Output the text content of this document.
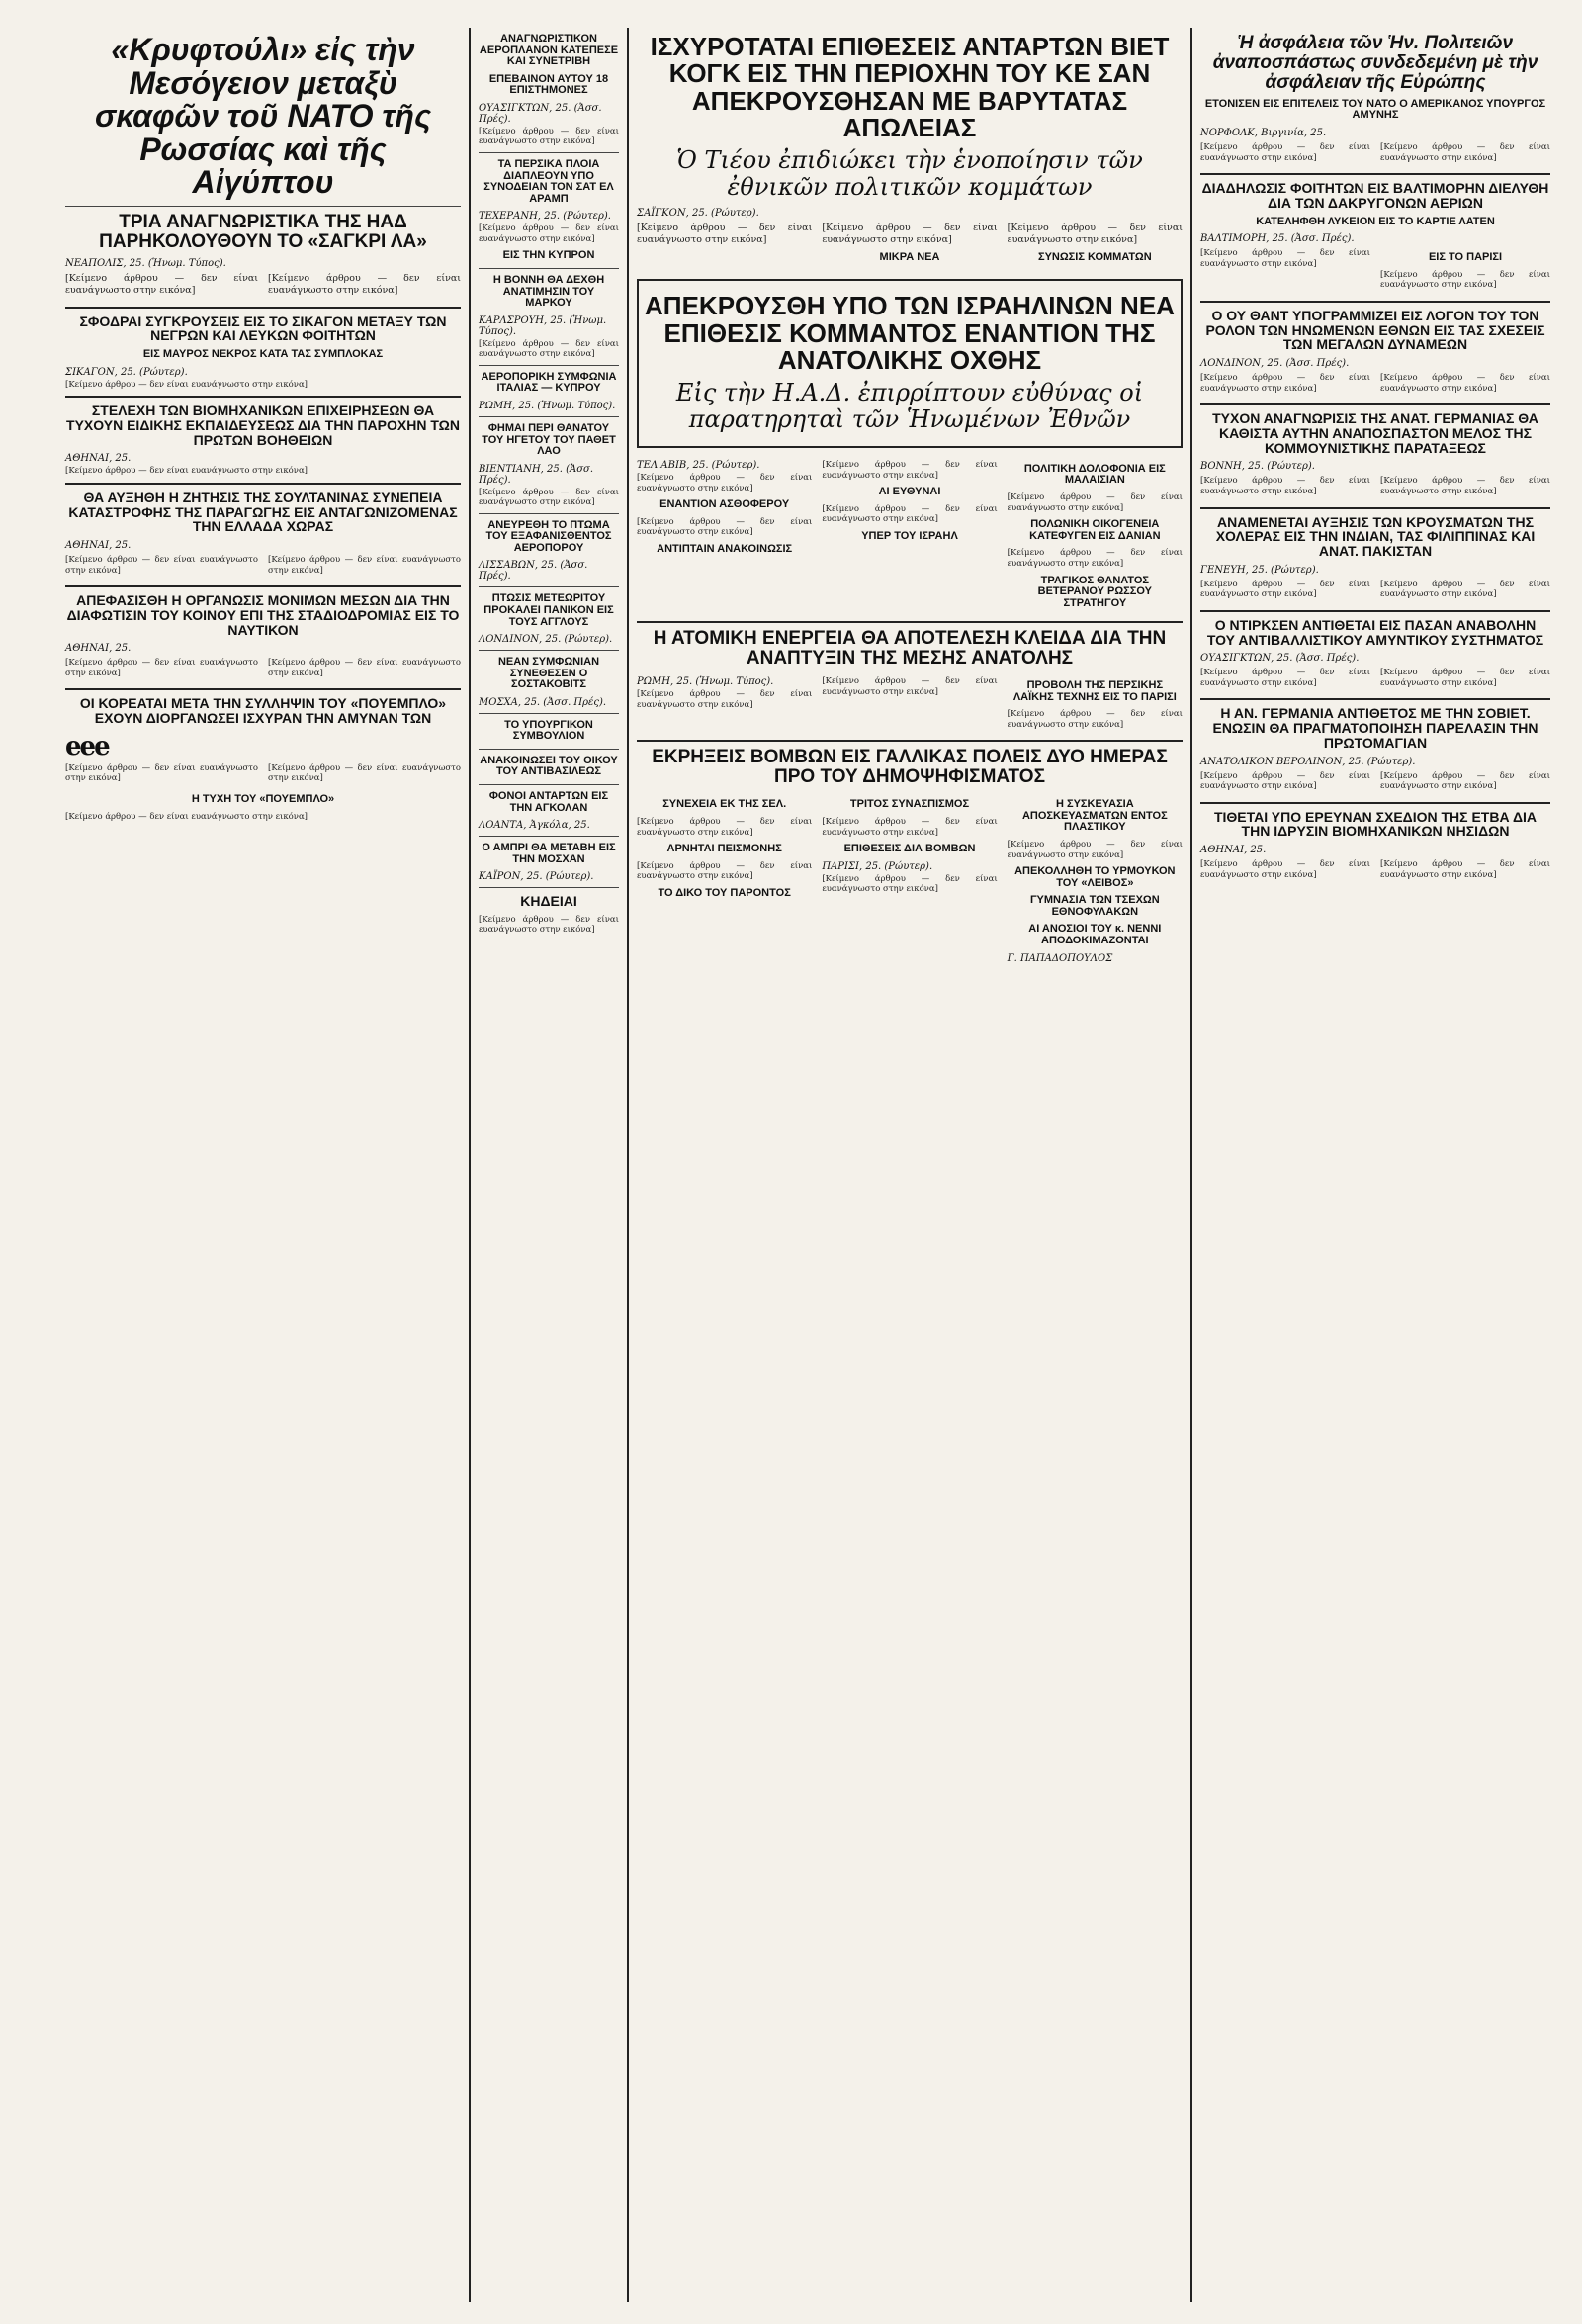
«Κρυφτούλι» εἰς τὴν Μεσόγειον μεταξὺ σκαφῶν τοῦ ΝΑΤΟ τῆς Ρωσσίας καὶ τῆς Αἰγύπτου
ΤΡΙΑ ΑΝΑΓΝΩΡΙΣΤΙΚΑ ΤΗΣ ΗΑΔ ΠΑΡΗΚΟΛΟΥΘΟΥΝ ΤΟ «ΣΑΓΚΡΙ ΛΑ»
ΝΕΑΠΟΛΙΣ, 25. (Ἡνωμ. Τύπος).
[Κείμενο άρθρου — δεν είναι ευανάγνωστο στην εικόνα]
[Κείμενο άρθρου — δεν είναι ευανάγνωστο στην εικόνα]
ΣΦΟΔΡΑΙ ΣΥΓΚΡΟΥΣΕΙΣ ΕΙΣ ΤΟ ΣΙΚΑΓΟΝ ΜΕΤΑΞΥ ΤΩΝ ΝΕΓΡΩΝ ΚΑΙ ΛΕΥΚΩΝ ΦΟΙΤΗΤΩΝ
ΕΙΣ ΜΑΥΡΟΣ ΝΕΚΡΟΣ ΚΑΤΑ ΤΑΣ ΣΥΜΠΛΟΚΑΣ
ΣΙΚΑΓΟΝ, 25. (Ρώυτερ).
[Κείμενο άρθρου — δεν είναι ευανάγνωστο στην εικόνα]
ΣΤΕΛΕΧΗ ΤΩΝ ΒΙΟΜΗΧΑΝΙΚΩΝ ΕΠΙΧΕΙΡΗΣΕΩΝ ΘΑ ΤΥΧΟΥΝ ΕΙΔΙΚΗΣ ΕΚΠΑΙΔΕΥΣΕΩΣ ΔΙΑ ΤΗΝ ΠΑΡΟΧΗΝ ΤΩΝ ΠΡΩΤΩΝ ΒΟΗΘΕΙΩΝ
ΑΘΗΝΑΙ, 25.
[Κείμενο άρθρου — δεν είναι ευανάγνωστο στην εικόνα]
ΘΑ ΑΥΞΗΘΗ Η ΖΗΤΗΣΙΣ ΤΗΣ ΣΟΥΛΤΑΝΙΝΑΣ ΣΥΝΕΠΕΙΑ ΚΑΤΑΣΤΡΟΦΗΣ ΤΗΣ ΠΑΡΑΓΩΓΗΣ ΕΙΣ ΑΝΤΑΓΩΝΙΖΟΜΕΝΑΣ ΤΗΝ ΕΛΛΑΔΑ ΧΩΡΑΣ
ΑΘΗΝΑΙ, 25.
[Κείμενο άρθρου — δεν είναι ευανάγνωστο στην εικόνα]
[Κείμενο άρθρου — δεν είναι ευανάγνωστο στην εικόνα]
ΑΠΕΦΑΣΙΣΘΗ Η ΟΡΓΑΝΩΣΙΣ ΜΟΝΙΜΩΝ ΜΕΣΩΝ ΔΙΑ ΤΗΝ ΔΙΑΦΩΤΙΣΙΝ ΤΟΥ ΚΟΙΝΟΥ ΕΠΙ ΤΗΣ ΣΤΑΔΙΟΔΡΟΜΙΑΣ ΕΙΣ ΤΟ ΝΑΥΤΙΚΟΝ
ΑΘΗΝΑΙ, 25.
[Κείμενο άρθρου — δεν είναι ευανάγνωστο στην εικόνα]
[Κείμενο άρθρου — δεν είναι ευανάγνωστο στην εικόνα]
ΟΙ ΚΟΡΕΑΤΑΙ ΜΕΤΑ ΤΗΝ ΣΥΛΛΗΨΙΝ ΤΟΥ «ΠΟΥΕΜΠΛΟ» ΕΧΟΥΝ ΔΙΟΡΓΑΝΩΣΕΙ ΙΣΧΥΡΑΝ ΤΗΝ ΑΜΥΝΑΝ ΤΩΝ
eee
[Κείμενο άρθρου — δεν είναι ευανάγνωστο στην εικόνα]
[Κείμενο άρθρου — δεν είναι ευανάγνωστο στην εικόνα]
Η ΤΥΧΗ ΤΟΥ «ΠΟΥΕΜΠΛΟ»
[Κείμενο άρθρου — δεν είναι ευανάγνωστο στην εικόνα]
ΑΝΑΓΝΩΡΙΣΤΙΚΟΝ ΑΕΡΟΠΛΑΝΟΝ ΚΑΤΕΠΕΣΕ ΚΑΙ ΣΥΝΕΤΡΙΒΗ
ΕΠΕΒΑΙΝΟΝ ΑΥΤΟΥ 18 ΕΠΙΣΤΗΜΟΝΕΣ
ΟΥΑΣΙΓΚΤΩΝ, 25. (Ἀσσ. Πρές).
[Κείμενο άρθρου — δεν είναι ευανάγνωστο στην εικόνα]
ΤΑ ΠΕΡΣΙΚΑ ΠΛΟΙΑ ΔΙΑΠΛΕΟΥΝ ΥΠΟ ΣΥΝΟΔΕΙΑΝ ΤΟΝ ΣΑΤ ΕΛ ΑΡΑΜΠ
ΤΕΧΕΡΑΝΗ, 25. (Ρώυτερ).
[Κείμενο άρθρου — δεν είναι ευανάγνωστο στην εικόνα]
ΕΙΣ ΤΗΝ ΚΥΠΡΟΝ
Η ΒΟΝΝΗ ΘΑ ΔΕΧΘΗ ΑΝΑΤΙΜΗΣΙΝ ΤΟΥ ΜΑΡΚΟΥ
ΚΑΡΛΣΡΟΥΗ, 25. (Ἡνωμ. Τύπος).
[Κείμενο άρθρου — δεν είναι ευανάγνωστο στην εικόνα]
ΑΕΡΟΠΟΡΙΚΗ ΣΥΜΦΩΝΙΑ ΙΤΑΛΙΑΣ — ΚΥΠΡΟΥ
ΡΩΜΗ, 25. (Ἡνωμ. Τύπος).
ΦΗΜΑΙ ΠΕΡΙ ΘΑΝΑΤΟΥ ΤΟΥ ΗΓΕΤΟΥ ΤΟΥ ΠΑΘΕΤ ΛΑΟ
ΒΙΕΝΤΙΑΝΗ, 25. (Ἀσσ. Πρές).
[Κείμενο άρθρου — δεν είναι ευανάγνωστο στην εικόνα]
ΑΝΕΥΡΕΘΗ ΤΟ ΠΤΩΜΑ ΤΟΥ ΕΞΑΦΑΝΙΣΘΕΝΤΟΣ ΑΕΡΟΠΟΡΟΥ
ΛΙΣΣΑΒΩΝ, 25. (Ἀσσ. Πρές).
ΠΤΩΣΙΣ ΜΕΤΕΩΡΙΤΟΥ ΠΡΟΚΑΛΕΙ ΠΑΝΙΚΟΝ ΕΙΣ ΤΟΥΣ ΑΓΓΛΟΥΣ
ΛΟΝΔΙΝΟΝ, 25. (Ρώυτερ).
ΝΕΑΝ ΣΥΜΦΩΝΙΑΝ ΣΥΝΕΘΕΣΕΝ Ο ΣΟΣΤΑΚΟΒΙΤΣ
ΜΟΣΧΑ, 25. (Ἀσσ. Πρές).
ΤΟ ΥΠΟΥΡΓΙΚΟΝ ΣΥΜΒΟΥΛΙΟΝ
ΑΝΑΚΟΙΝΩΣΕΙ ΤΟΥ ΟΙΚΟΥ ΤΟΥ ΑΝΤΙΒΑΣΙΛΕΩΣ
ΦΟΝΟΙ ΑΝΤΑΡΤΩΝ ΕΙΣ ΤΗΝ ΑΓΚΟΛΑΝ
ΛΟΑΝΤΑ, Ἀγκόλα, 25.
Ο ΑΜΠΡΙ ΘΑ ΜΕΤΑΒΗ ΕΙΣ ΤΗΝ ΜΟΣΧΑΝ
ΚΑΪΡΟΝ, 25. (Ρώυτερ).
ΚΗΔΕΙΑΙ
[Κείμενο άρθρου — δεν είναι ευανάγνωστο στην εικόνα]
ΙΣΧΥΡΟΤΑΤΑΙ ΕΠΙΘΕΣΕΙΣ ΑΝΤΑΡΤΩΝ ΒΙΕΤ ΚΟΓΚ ΕΙΣ ΤΗΝ ΠΕΡΙΟΧΗΝ ΤΟΥ ΚΕ ΣΑΝ ΑΠΕΚΡΟΥΣΘΗΣΑΝ ΜΕ ΒΑΡΥΤΑΤΑΣ ΑΠΩΛΕΙΑΣ
Ὁ Τιέου ἐπιδιώκει τὴν ἑνοποίησιν τῶν ἐθνικῶν πολιτικῶν κομμάτων
ΣΑΪΓΚΟΝ, 25. (Ρώυτερ).
[Κείμενο άρθρου — δεν είναι ευανάγνωστο στην εικόνα]
[Κείμενο άρθρου — δεν είναι ευανάγνωστο στην εικόνα]
ΜΙΚΡΑ ΝΕΑ
[Κείμενο άρθρου — δεν είναι ευανάγνωστο στην εικόνα]
ΣΥΝΩΣΙΣ ΚΟΜΜΑΤΩΝ
ΑΠΕΚΡΟΥΣΘΗ ΥΠΟ ΤΩΝ ΙΣΡΑΗΛΙΝΩΝ ΝΕΑ ΕΠΙΘΕΣΙΣ ΚΟΜΜΑΝΤΟΣ ΕΝΑΝΤΙΟΝ ΤΗΣ ΑΝΑΤΟΛΙΚΗΣ ΟΧΘΗΣ
Εἰς τὴν Η.Α.Δ. ἐπιρρίπτουν εὐθύνας οἱ παρατηρηταὶ τῶν Ἡνωμένων Ἐθνῶν
ΤΕΛ ΑΒΙΒ, 25. (Ρώυτερ).
[Κείμενο άρθρου — δεν είναι ευανάγνωστο στην εικόνα]
ΕΝΑΝΤΙΟΝ ΑΣΘΟΦΕΡΟΥ
[Κείμενο άρθρου — δεν είναι ευανάγνωστο στην εικόνα]
ΑΝΤΙΠΤΑΙΝ ΑΝΑΚΟΙΝΩΣΙΣ
[Κείμενο άρθρου — δεν είναι ευανάγνωστο στην εικόνα]
ΑΙ ΕΥΘΥΝΑΙ
[Κείμενο άρθρου — δεν είναι ευανάγνωστο στην εικόνα]
ΥΠΕΡ ΤΟΥ ΙΣΡΑΗΛ
ΠΟΛΙΤΙΚΗ ΔΟΛΟΦΟΝΙΑ ΕΙΣ ΜΑΛΑΙΣΙΑΝ
[Κείμενο άρθρου — δεν είναι ευανάγνωστο στην εικόνα]
ΠΟΛΩΝΙΚΗ ΟΙΚΟΓΕΝΕΙΑ ΚΑΤΕΦΥΓΕΝ ΕΙΣ ΔΑΝΙΑΝ
[Κείμενο άρθρου — δεν είναι ευανάγνωστο στην εικόνα]
ΤΡΑΓΙΚΟΣ ΘΑΝΑΤΟΣ ΒΕΤΕΡΑΝΟΥ ΡΩΣΣΟΥ ΣΤΡΑΤΗΓΟΥ
Η ΑΤΟΜΙΚΗ ΕΝΕΡΓΕΙΑ ΘΑ ΑΠΟΤΕΛΕΣΗ ΚΛΕΙΔΑ ΔΙΑ ΤΗΝ ΑΝΑΠΤΥΞΙΝ ΤΗΣ ΜΕΣΗΣ ΑΝΑΤΟΛΗΣ
ΡΩΜΗ, 25. (Ἡνωμ. Τύπος).
[Κείμενο άρθρου — δεν είναι ευανάγνωστο στην εικόνα]
[Κείμενο άρθρου — δεν είναι ευανάγνωστο στην εικόνα]
ΠΡΟΒΟΛΗ ΤΗΣ ΠΕΡΣΙΚΗΣ ΛΑΪΚΗΣ ΤΕΧΝΗΣ ΕΙΣ ΤΟ ΠΑΡΙΣΙ
[Κείμενο άρθρου — δεν είναι ευανάγνωστο στην εικόνα]
ΕΚΡΗΞΕΙΣ ΒΟΜΒΩΝ ΕΙΣ ΓΑΛΛΙΚΑΣ ΠΟΛΕΙΣ ΔΥΟ ΗΜΕΡΑΣ ΠΡΟ ΤΟΥ ΔΗΜΟΨΗΦΙΣΜΑΤΟΣ
ΣΥΝΕΧΕΙΑ ΕΚ ΤΗΣ ΣΕΛ.
[Κείμενο άρθρου — δεν είναι ευανάγνωστο στην εικόνα]
ΑΡΝΗΤΑΙ ΠΕΙΣΜΟΝΗΣ
[Κείμενο άρθρου — δεν είναι ευανάγνωστο στην εικόνα]
ΤΟ ΔΙΚΟ ΤΟΥ ΠΑΡΟΝΤΟΣ
ΤΡΙΤΟΣ ΣΥΝΑΣΠΙΣΜΟΣ
[Κείμενο άρθρου — δεν είναι ευανάγνωστο στην εικόνα]
ΕΠΙΘΕΣΕΙΣ ΔΙΑ ΒΟΜΒΩΝ
ΠΑΡΙΣΙ, 25. (Ρώυτερ).
[Κείμενο άρθρου — δεν είναι ευανάγνωστο στην εικόνα]
Η ΣΥΣΚΕΥΑΣΙΑ ΑΠΟΣΚΕΥΑΣΜΑΤΩΝ ΕΝΤΟΣ ΠΛΑΣΤΙΚΟΥ
[Κείμενο άρθρου — δεν είναι ευανάγνωστο στην εικόνα]
ΑΠΕΚΟΛΛΗΘΗ ΤΟ ΥΡΜΟΥΚΟΝ ΤΟΥ «ΛΕΙΒΟΣ»
ΓΥΜΝΑΣΙΑ ΤΩΝ ΤΣΕΧΩΝ ΕΘΝΟΦΥΛΑΚΩΝ
ΑΙ ΑΝΟΣΙΟΙ ΤΟΥ κ. ΝΕΝΝΙ ΑΠΟΔΟΚΙΜΑΖΟΝΤΑΙ
Γ. ΠΑΠΑΔΟΠΟΥΛΟΣ
Ἡ ἀσφάλεια τῶν Ἡν. Πολιτειῶν ἀναποσπάστως συνδεδεμένη μὲ τὴν ἀσφάλειαν τῆς Εὐρώπης
ΕΤΟΝΙΣΕΝ ΕΙΣ ΕΠΙΤΕΛΕΙΣ ΤΟΥ ΝΑΤΟ Ο ΑΜΕΡΙΚΑΝΟΣ ΥΠΟΥΡΓΟΣ ΑΜΥΝΗΣ
ΝΟΡΦΟΛΚ, Βιργινία, 25.
[Κείμενο άρθρου — δεν είναι ευανάγνωστο στην εικόνα]
[Κείμενο άρθρου — δεν είναι ευανάγνωστο στην εικόνα]
ΔΙΑΔΗΛΩΣΙΣ ΦΟΙΤΗΤΩΝ ΕΙΣ ΒΑΛΤΙΜΟΡΗΝ ΔΙΕΛΥΘΗ ΔΙΑ ΤΩΝ ΔΑΚΡΥΓΟΝΩΝ ΑΕΡΙΩΝ
ΚΑΤΕΛΗΦΘΗ ΛΥΚΕΙΟΝ ΕΙΣ ΤΟ ΚΑΡΤΙΕ ΛΑΤΕΝ
ΒΑΛΤΙΜΟΡΗ, 25. (Ἀσσ. Πρές).
[Κείμενο άρθρου — δεν είναι ευανάγνωστο στην εικόνα]
ΕΙΣ ΤΟ ΠΑΡΙΣΙ
[Κείμενο άρθρου — δεν είναι ευανάγνωστο στην εικόνα]
Ο ΟΥ ΘΑΝΤ ΥΠΟΓΡΑΜΜΙΖΕΙ ΕΙΣ ΛΟΓΟΝ ΤΟΥ ΤΟΝ ΡΟΛΟΝ ΤΩΝ ΗΝΩΜΕΝΩΝ ΕΘΝΩΝ ΕΙΣ ΤΑΣ ΣΧΕΣΕΙΣ ΤΩΝ ΜΕΓΑΛΩΝ ΔΥΝΑΜΕΩΝ
ΛΟΝΔΙΝΟΝ, 25. (Ἀσσ. Πρές).
[Κείμενο άρθρου — δεν είναι ευανάγνωστο στην εικόνα]
[Κείμενο άρθρου — δεν είναι ευανάγνωστο στην εικόνα]
ΤΥΧΟΝ ΑΝΑΓΝΩΡΙΣΙΣ ΤΗΣ ΑΝΑΤ. ΓΕΡΜΑΝΙΑΣ ΘΑ ΚΑΘΙΣΤΑ ΑΥΤΗΝ ΑΝΑΠΟΣΠΑΣΤΟΝ ΜΕΛΟΣ ΤΗΣ ΚΟΜΜΟΥΝΙΣΤΙΚΗΣ ΠΑΡΑΤΑΞΕΩΣ
ΒΟΝΝΗ, 25. (Ρώυτερ).
[Κείμενο άρθρου — δεν είναι ευανάγνωστο στην εικόνα]
[Κείμενο άρθρου — δεν είναι ευανάγνωστο στην εικόνα]
ΑΝΑΜΕΝΕΤΑΙ ΑΥΞΗΣΙΣ ΤΩΝ ΚΡΟΥΣΜΑΤΩΝ ΤΗΣ ΧΟΛΕΡΑΣ ΕΙΣ ΤΗΝ ΙΝΔΙΑΝ, ΤΑΣ ΦΙΛΙΠΠΙΝΑΣ ΚΑΙ ΑΝΑΤ. ΠΑΚΙΣΤΑΝ
ΓΕΝΕΥΗ, 25. (Ρώυτερ).
[Κείμενο άρθρου — δεν είναι ευανάγνωστο στην εικόνα]
[Κείμενο άρθρου — δεν είναι ευανάγνωστο στην εικόνα]
Ο ΝΤΙΡΚΣΕΝ ΑΝΤΙΘΕΤΑΙ ΕΙΣ ΠΑΣΑΝ ΑΝΑΒΟΛΗΝ ΤΟΥ ΑΝΤΙΒΑΛΛΙΣΤΙΚΟΥ ΑΜΥΝΤΙΚΟΥ ΣΥΣΤΗΜΑΤΟΣ
ΟΥΑΣΙΓΚΤΩΝ, 25. (Ἀσσ. Πρές).
[Κείμενο άρθρου — δεν είναι ευανάγνωστο στην εικόνα]
[Κείμενο άρθρου — δεν είναι ευανάγνωστο στην εικόνα]
Η ΑΝ. ΓΕΡΜΑΝΙΑ ΑΝΤΙΘΕΤΟΣ ΜΕ ΤΗΝ ΣΟΒΙΕΤ. ΕΝΩΣΙΝ ΘΑ ΠΡΑΓΜΑΤΟΠΟΙΗΣΗ ΠΑΡΕΛΑΣΙΝ ΤΗΝ ΠΡΩΤΟΜΑΓΙΑΝ
ΑΝΑΤΟΛΙΚΟΝ ΒΕΡΟΛΙΝΟΝ, 25. (Ρώυτερ).
[Κείμενο άρθρου — δεν είναι ευανάγνωστο στην εικόνα]
[Κείμενο άρθρου — δεν είναι ευανάγνωστο στην εικόνα]
ΤΙΘΕΤΑΙ ΥΠΟ ΕΡΕΥΝΑΝ ΣΧΕΔΙΟΝ ΤΗΣ ΕΤΒΑ ΔΙΑ ΤΗΝ ΙΔΡΥΣΙΝ ΒΙΟΜΗΧΑΝΙΚΩΝ ΝΗΣΙΔΩΝ
ΑΘΗΝΑΙ, 25.
[Κείμενο άρθρου — δεν είναι ευανάγνωστο στην εικόνα]
[Κείμενο άρθρου — δεν είναι ευανάγνωστο στην εικόνα]
